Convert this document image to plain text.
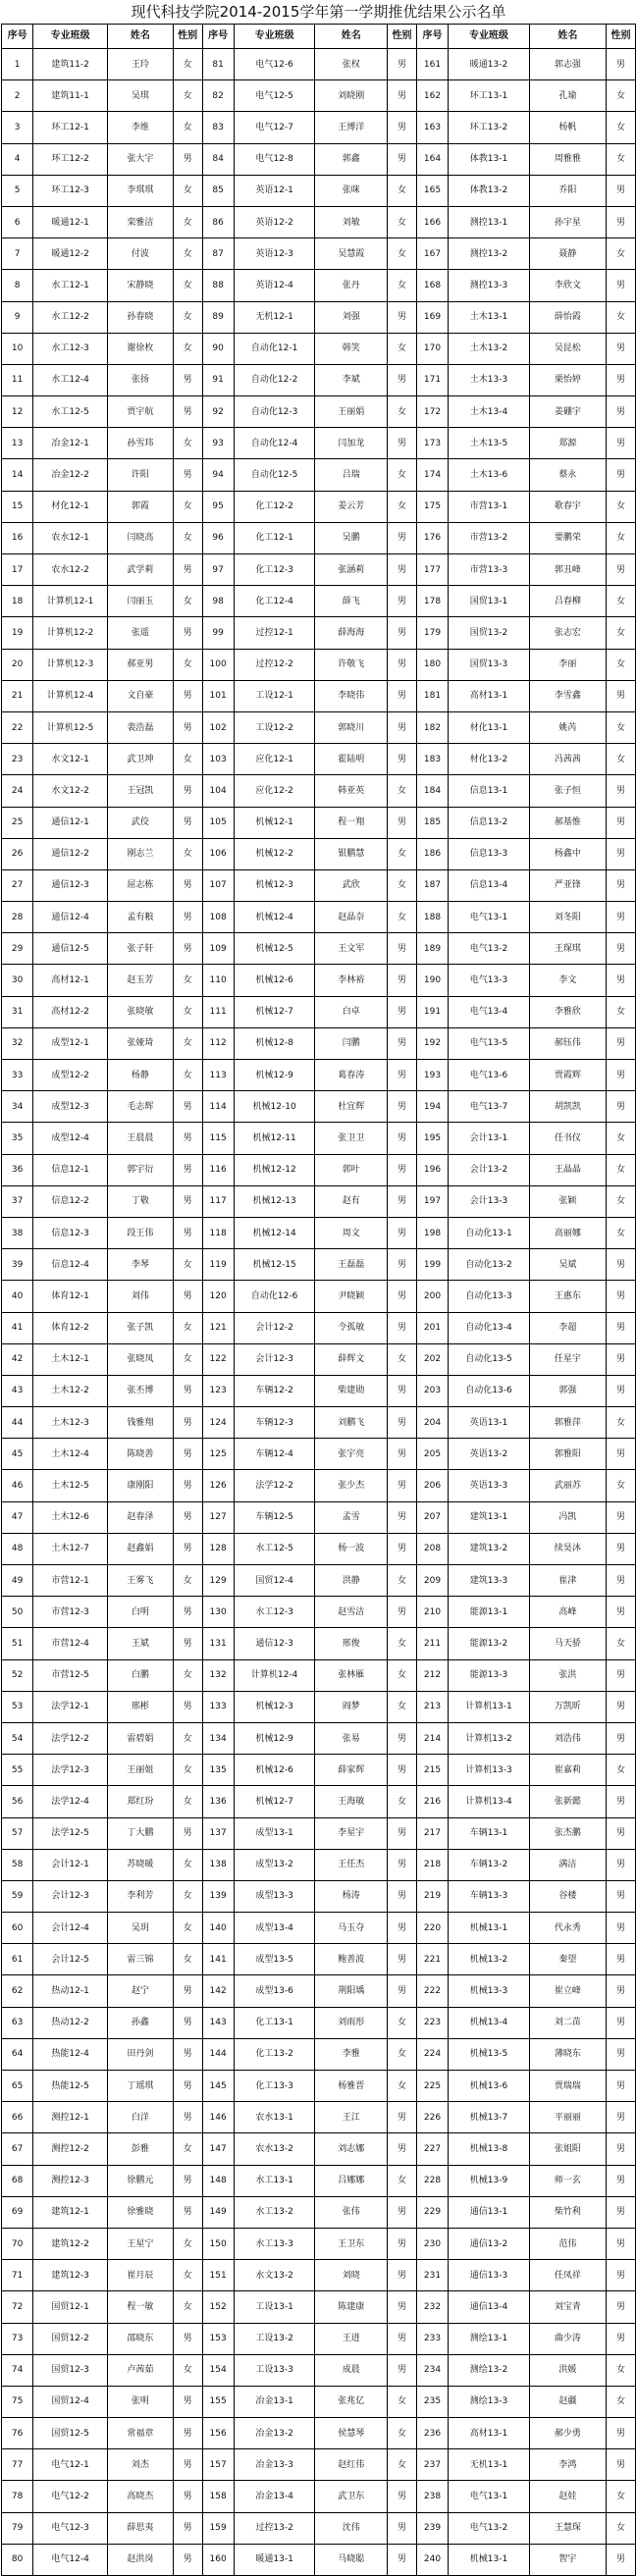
现代科技学院2014-2015学年第一学期推优结果公示名单
序号	专业班级	姓名	性别	序号	专业班级	姓名	性别	序号	专业班级	姓名	性别
1	建筑11-2	王玲	女	81	电气12-6	张权	男	161	暖通13-2	郭志强	男
2	建筑11-1	吴琪	女	82	电气12-5	刘晓刚	男	162	环工13-1	孔瑜	女
3	环工12-1	李维	女	83	电气12-7	王博洋	男	163	环工13-2	杨帆	女
4	环工12-2	张大宇	男	84	电气12-8	郭鑫	男	164	体教13-1	周雅雅	女
5	环工12-3	李琪琪	女	85	英语12-1	张咪	女	165	体教13-2	乔阳	男
6	暖通12-1	栾雅洁	女	86	英语12-2	刘敏	女	166	测控13-1	孙宇星	男
7	暖通12-2	付波	女	87	英语12-3	吴慧霞	女	167	测控13-2	聂静	女
8	水工12-1	宋静晓	女	88	英语12-4	张丹	女	168	测控13-3	李欣文	男
9	水工12-2	孙春晓	女	89	无机12-1	刘强	男	169	土木13-1	薛怡霞	女
10	水工12-3	谢徐枚	女	90	自动化12-1	韩笑	女	170	土木13-2	吴昆松	男
11	水工12-4	张扬	男	91	自动化12-2	李斌	男	171	土木13-3	栗怡婷	男
12	水工12-5	贾宇航	男	92	自动化12-3	王丽娟	女	172	土木13-4	姜硼宇	男
13	冶金12-1	孙雪玮	女	93	自动化12-4	闫加龙	男	173	土木13-5	郑源	男
14	冶金12-2	许阳	男	94	自动化12-5	吕瑞	女	174	土木13-6	蔡永	男
15	材化12-1	郭霞	女	95	化工12-2	姜云芳	女	175	市营13-1	歌春宇	女
16	农水12-1	闫晓高	女	96	化工12-1	吴鹏	男	176	市营13-2	要鹏荣	女
17	农水12-2	武学莉	男	97	化工12-3	张涵莉	男	177	市营13-3	郭丑峰	男
18	计算机12-1	闫丽玉	女	98	化工12-4	薛飞	男	178	国贸13-1	吕春柳	女
19	计算机12-2	张遥	男	99	过控12-1	薛海海	男	179	国贸13-2	张志宏	女
20	计算机12-3	郝亚男	女	100	过控12-2	许敬飞	男	180	国贸13-3	李丽	女
21	计算机12-4	文自豪	男	101	工设12-1	李晓伟	男	181	高材13-1	李雪鑫	男
22	计算机12-5	裴浩磊	男	102	工设12-2	郭晓川	男	182	材化13-1	姚芮	女
23	水文12-1	武卫坤	女	103	应化12-1	霍陆明	男	183	材化13-2	冯茜茜	女
24	水文12-2	王冠凯	男	104	应化12-2	韩亚英	女	184	信息13-1	张子恒	男
25	通信12-1	武佼	男	105	机械12-1	程一翔	男	185	信息13-2	郝基惟	男
26	通信12-2	刚志兰	女	106	机械12-2	银鹏慧	女	186	信息13-3	杨鑫中	男
27	通信12-3	屈志栋	男	107	机械12-3	武欣	女	187	信息13-4	严亚锋	男
28	通信12-4	孟有粮	男	108	机械12-4	赵晶奈	女	188	电气13-1	刘冬阳	男
29	通信12-5	张子轩	男	109	机械12-5	王文军	男	189	电气13-2	王琛琪	男
30	高材12-1	赵玉芳	女	110	机械12-6	李林裕	男	190	电气13-3	李文	男
31	高材12-2	张晓敏	女	111	机械12-7	白卓	男	191	电气13-4	李雅欣	女
32	成型12-1	张娅琦	女	112	机械12-8	闫鹏	男	192	电气13-5	郝钰伟	男
33	成型12-2	杨静	女	113	机械12-9	葛春涛	男	193	电气13-6	贾霞辉	男
34	成型12-3	毛志辉	男	114	机械12-10	杜宜辉	男	194	电气13-7	胡凯凯	男
35	成型12-4	王晨晨	男	115	机械12-11	张卫卫	男	195	会计13-1	任书仪	女
36	信息12-1	郭宇衍	男	116	机械12-12	郭叶	男	196	会计13-2	王晶晶	女
37	信息12-2	丁敬	男	117	机械12-13	赵有	男	197	会计13-3	张颖	女
38	信息12-3	段王伟	男	118	机械12-14	周文	男	198	自动化13-1	高丽娜	女
39	信息12-4	李琴	女	119	机械12-15	王磊磊	男	199	自动化13-2	吴斌	男
40	体育12-1	刘伟	男	120	自动化12-6	尹晓颖	男	200	自动化13-3	王惠东	男
41	体育12-2	张子凯	女	121	会计12-2	令孤敏	男	201	自动化13-4	李超	男
42	土木12-1	张晓凤	女	122	会计12-3	薛辉文	女	202	自动化13-5	任星宇	男
43	土木12-2	张丕博	男	123	车辆12-2	柴建勋	男	203	自动化13-6	郭强	男
44	土木12-3	钱雅翔	男	124	车辆12-3	刘鹏飞	男	204	英语13-1	郭雅萍	女
45	土木12-4	陈晓善	男	125	车辆12-4	张宇亮	男	205	英语13-2	郭雅阳	男
46	土木12-5	康刚阳	男	126	法学12-2	张少杰	男	206	英语13-3	武丽苏	女
47	土木12-6	赵春泽	男	127	车辆12-5	孟雪	男	207	建筑13-1	冯凯	男
48	土木12-7	赵鑫娟	男	128	水工12-5	杨一波	男	208	建筑13-2	续昊沐	男
49	市营12-1	王雾飞	女	129	国贸12-4	洪静	女	209	建筑13-3	崔津	男
50	市营12-3	白明	男	130	水工12-3	赵雪洁	男	210	能源13-1	高峰	男
51	市营12-4	王斌	男	131	通信12-3	邢俊	女	211	能源13-2	马天骄	女
52	市营12-5	白鹏	女	132	计算机12-4	张林雁	女	212	能源13-3	张洪	男
53	法学12-1	邢彬	男	133	机械12-3	阎梦	女	213	计算机13-1	万凯昕	男
54	法学12-2	雷碧娟	女	134	机械12-9	张易	男	214	计算机13-2	刘浩伟	男
55	法学12-3	王丽姐	女	135	机械12-6	薛家辉	男	215	计算机13-3	崔嘉莉	女
56	法学12-4	郑红玢	女	136	机械12-7	王海敏	女	216	计算机13-4	张新懿	男
57	法学12-5	丁大鹏	男	137	成型13-1	李星宇	男	217	车辆13-1	张杰鹏	男
58	会计12-1	苏晓暖	女	138	成型13-2	王任杰	男	218	车辆13-2	满洁	男
59	会计12-3	李利芳	女	139	成型13-3	杨涛	男	219	车辆13-3	谷楼	男
60	会计12-4	吴玥	女	140	成型13-4	马玉夺	男	220	机械13-1	代永秀	男
61	会计12-5	雷三锦	女	141	成型13-5	鲍善波	男	221	机械13-2	秦望	男
62	热动12-1	赵宁	男	142	成型13-6	荆阳瑀	男	222	机械13-3	崔立峰	男
63	热动12-2	孙鑫	男	143	化工13-1	刘雨形	女	223	机械13-4	刘二苗	男
64	热能12-4	田丹剑	男	144	化工13-2	李雅	女	224	机械13-5	薄晓东	男
65	热能12-5	丁瑶琪	男	145	化工13-3	杨雅晋	女	225	机械13-6	贾瑞瑞	男
66	测控12-1	白洋	男	146	农水13-1	王江	男	226	机械13-7	平丽丽	男
67	测控12-2	彭雅	女	147	农水13-2	刘志娜	男	227	机械13-8	张姐阳	男
68	测控12-3	徐鹏元	男	148	水工13-1	吕娜娜	女	228	机械13-9	师一玄	男
69	建筑12-1	徐雅晓	男	149	水工13-2	张伟	男	229	通信13-1	柴竹利	男
70	建筑12-2	王星宁	女	150	水工13-3	王卫东	男	230	通信13-2	范伟	男
71	建筑12-3	崔月辰	女	151	水文13-2	刘晓	男	231	通信13-3	任凤祥	男
72	国贸12-1	程一敏	女	152	工设13-1	陈建康	男	232	通信13-4	刘宝青	男
73	国贸12-2	邵晓东	男	153	工设13-2	王进	男	233	测绘13-1	曲少涛	男
74	国贸12-3	卢茜茹	女	154	工设13-3	成晨	男	234	测绘13-2	洪媛	女
75	国贸12-4	张明	男	155	冶金13-1	张兆亿	女	235	测绘13-3	赵疆	女
76	国贸12-5	常福章	男	156	冶金13-2	侯慧琴	女	236	高材13-1	郝少勇	男
77	电气12-1	刘杰	男	157	冶金13-3	赵红伟	女	237	无机13-1	李鸿	男
78	电气12-2	高晓杰	男	158	冶金13-4	武卫东	男	238	电气13-1	赵娃	女
79	电气12-3	薛思夷	男	159	过控13-2	沈伟	男	239	电气13-2	王慧琛	女
80	电气12-4	赵洪岗	男	160	暖通13-1	马晓聪	男	240	机械13-1	智宇	男
